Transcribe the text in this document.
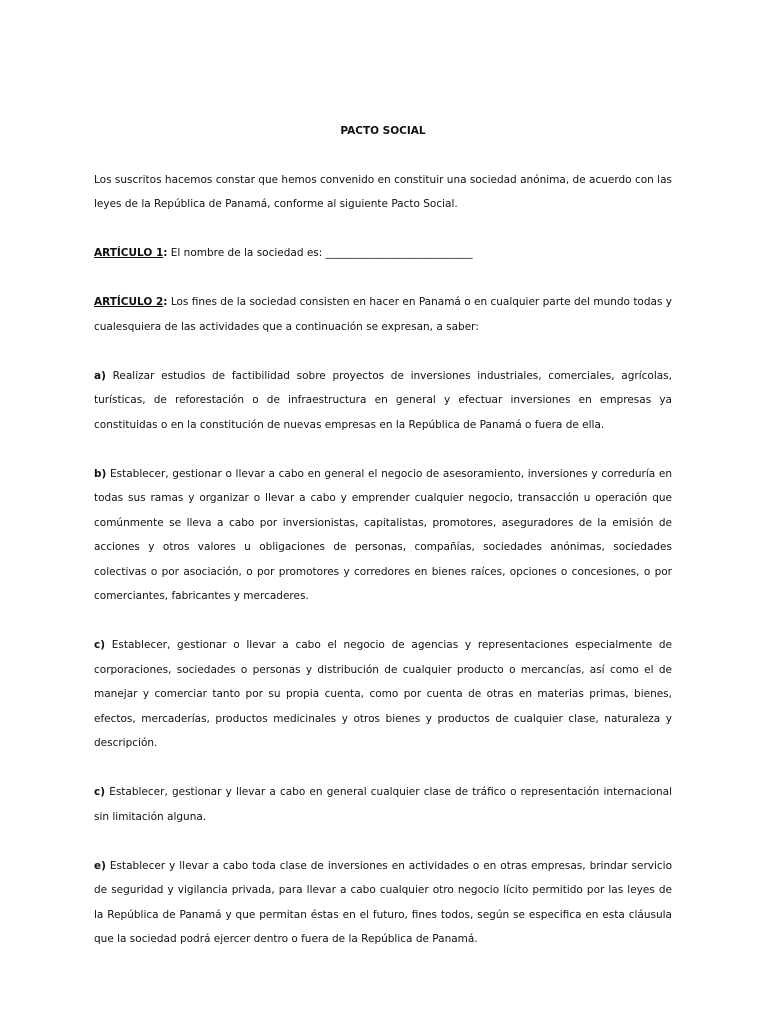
PACTO SOCIAL

Los suscritos hacemos constar que hemos convenido en constituir una sociedad anónima, de acuerdo con las leyes de la República de Panamá, conforme al siguiente Pacto Social.

ARTÍCULO 1: El nombre de la sociedad es: ____________________________

ARTÍCULO 2: Los fines de la sociedad consisten en hacer en Panamá o en cualquier parte del mundo todas y cualesquiera de las actividades que a continuación se expresan, a saber:

a) Realizar estudios de factibilidad sobre proyectos de inversiones industriales, comerciales, agrícolas, turísticas, de reforestación o de infraestructura en general y efectuar inversiones en empresas ya constituidas o en la constitución de nuevas empresas en la República de Panamá o fuera de ella.

b) Establecer, gestionar o llevar a cabo en general el negocio de asesoramiento, inversiones y correduría en todas sus ramas y organizar o llevar a cabo y emprender cualquier negocio, transacción u operación que comúnmente se lleva a cabo por inversionistas, capitalistas, promotores, aseguradores de la emisión de acciones y otros valores u obligaciones de personas, compañías, sociedades anónimas, sociedades colectivas o por asociación, o por promotores y corredores en bienes raíces, opciones o concesiones, o por comerciantes, fabricantes y mercaderes.

c) Establecer, gestionar o llevar a cabo el negocio de agencias y representaciones especialmente de corporaciones, sociedades o personas y distribución de cualquier producto o mercancías, así como el de manejar y comerciar tanto por su propia cuenta, como por cuenta de otras en materias primas, bienes, efectos, mercaderías, productos medicinales y otros bienes y productos de cualquier clase, naturaleza y descripción.

c) Establecer, gestionar y llevar a cabo en general cualquier clase de tráfico o representación internacional sin limitación alguna.

e) Establecer y llevar a cabo toda clase de inversiones en actividades o en otras empresas, brindar servicio de seguridad y vigilancia privada, para llevar a cabo cualquier otro negocio lícito permitido por las leyes de la República de Panamá y que permitan éstas en el futuro, fines todos, según se especifica en esta cláusula que la sociedad podrá ejercer dentro o fuera de la República de Panamá.
